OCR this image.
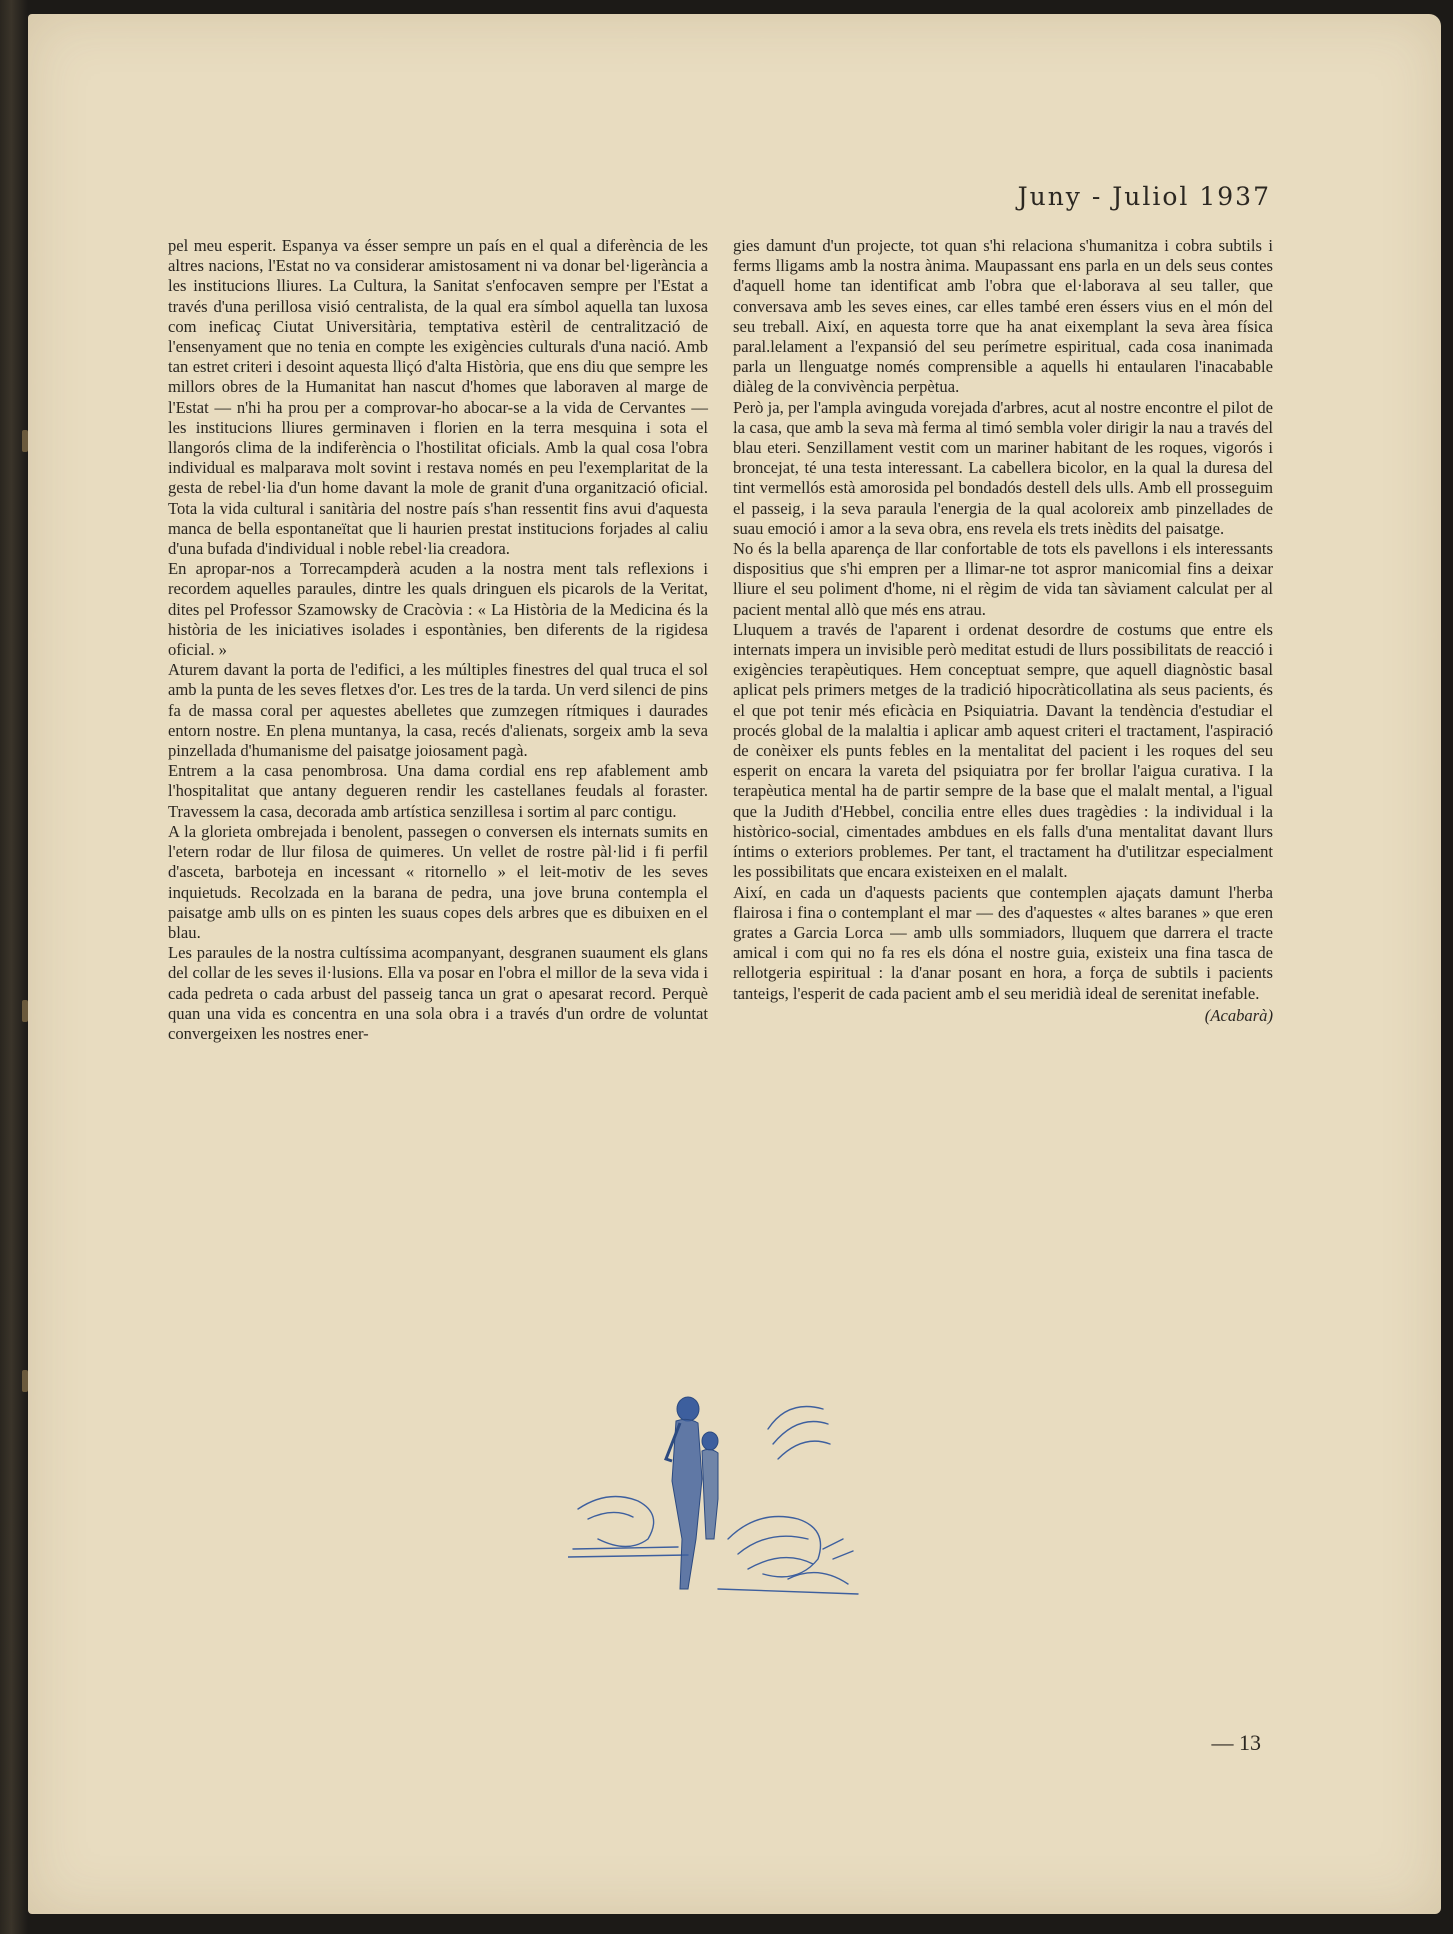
Juny - Juliol 1937

pel meu esperit. Espanya va ésser sempre un país en el qual a diferència de les altres nacions, l'Estat no va considerar amistosament ni va donar bel·ligerància a les institucions lliures. La Cultura, la Sanitat s'enfocaven sempre per l'Estat a través d'una perillosa visió centralista, de la qual era símbol aquella tan luxosa com ineficaç Ciutat Universitària, temptativa estèril de centralització de l'ensenyament que no tenia en compte les exigències culturals d'una nació. Amb tan estret criteri i desoint aquesta lliçó d'alta Història, que ens diu que sempre les millors obres de la Humanitat han nascut d'homes que laboraven al marge de l'Estat — n'hi ha prou per a comprovar-ho abocar-se a la vida de Cervantes — les institucions lliures germinaven i florien en la terra mesquina i sota el llangorós clima de la indiferència o l'hostilitat oficials. Amb la qual cosa l'obra individual es malparava molt sovint i restava només en peu l'exemplaritat de la gesta de rebel·lia d'un home davant la mole de granit d'una organització oficial. Tota la vida cultural i sanitària del nostre país s'han ressentit fins avui d'aquesta manca de bella espontaneïtat que li haurien prestat institucions forjades al caliu d'una bufada d'individual i noble rebel·lia creadora.

En apropar-nos a Torrecampderà acuden a la nostra ment tals reflexions i recordem aquelles paraules, dintre les quals dringuen els picarols de la Veritat, dites pel Professor Szamowsky de Cracòvia : « La Història de la Medicina és la història de les iniciatives isolades i espontànies, ben diferents de la rigidesa oficial. »

Aturem davant la porta de l'edifici, a les múltiples finestres del qual truca el sol amb la punta de les seves fletxes d'or. Les tres de la tarda. Un verd silenci de pins fa de massa coral per aquestes abelletes que zumzegen rítmiques i daurades entorn nostre. En plena muntanya, la casa, recés d'alienats, sorgeix amb la seva pinzellada d'humanisme del paisatge joiosament pagà.

Entrem a la casa penombrosa. Una dama cordial ens rep afablement amb l'hospitalitat que antany degueren rendir les castellanes feudals al foraster. Travessem la casa, decorada amb artística senzillesa i sortim al parc contigu.

A la glorieta ombrejada i benolent, passegen o conversen els internats sumits en l'etern rodar de llur filosa de quimeres. Un vellet de rostre pàl·lid i fi perfil d'asceta, barboteja en incessant « ritornello » el leit-motiv de les seves inquietuds. Recolzada en la barana de pedra, una jove bruna contempla el paisatge amb ulls on es pinten les suaus copes dels arbres que es dibuixen en el blau.

Les paraules de la nostra cultíssima acompanyant, desgranen suaument els glans del collar de les seves il·lusions. Ella va posar en l'obra el millor de la seva vida i cada pedreta o cada arbust del passeig tanca un grat o apesarat record. Perquè quan una vida es concentra en una sola obra i a través d'un ordre de voluntat convergeixen les nostres ener-

gies damunt d'un projecte, tot quan s'hi relaciona s'humanitza i cobra subtils i ferms lligams amb la nostra ànima. Maupassant ens parla en un dels seus contes d'aquell home tan identificat amb l'obra que el·laborava al seu taller, que conversava amb les seves eines, car elles també eren éssers vius en el món del seu treball. Així, en aquesta torre que ha anat eixemplant la seva àrea física paral.lelament a l'expansió del seu perímetre espiritual, cada cosa inanimada parla un llenguatge només comprensible a aquells hi entaularen l'inacabable diàleg de la convivència perpètua.

Però ja, per l'ampla avinguda vorejada d'arbres, acut al nostre encontre el pilot de la casa, que amb la seva mà ferma al timó sembla voler dirigir la nau a través del blau eteri. Senzillament vestit com un mariner habitant de les roques, vigorós i broncejat, té una testa interessant. La cabellera bicolor, en la qual la duresa del tint vermellós està amorosida pel bondadós destell dels ulls. Amb ell prosseguim el passeig, i la seva paraula l'energia de la qual acoloreix amb pinzellades de suau emoció i amor a la seva obra, ens revela els trets inèdits del paisatge.

No és la bella aparença de llar confortable de tots els pavellons i els interessants dispositius que s'hi empren per a llimar-ne tot aspror manicomial fins a deixar lliure el seu poliment d'home, ni el règim de vida tan sàviament calculat per al pacient mental allò que més ens atrau.

Lluquem a través de l'aparent i ordenat desordre de costums que entre els internats impera un invisible però meditat estudi de llurs possibilitats de reacció i exigències terapèutiques. Hem conceptuat sempre, que aquell diagnòstic basal aplicat pels primers metges de la tradició hipocràticollatina als seus pacients, és el que pot tenir més eficàcia en Psiquiatria. Davant la tendència d'estudiar el procés global de la malaltia i aplicar amb aquest criteri el tractament, l'aspiració de conèixer els punts febles en la mentalitat del pacient i les roques del seu esperit on encara la vareta del psiquiatra por fer brollar l'aigua curativa. I la terapèutica mental ha de partir sempre de la base que el malalt mental, a l'igual que la Judith d'Hebbel, concilia entre elles dues tragèdies : la individual i la històrico-social, cimentades ambdues en els falls d'una mentalitat davant llurs íntims o exteriors problemes. Per tant, el tractament ha d'utilitzar especialment les possibilitats que encara existeixen en el malalt.

Així, en cada un d'aquests pacients que contemplen ajaçats damunt l'herba flairosa i fina o contemplant el mar — des d'aquestes « altes baranes » que eren grates a Garcia Lorca — amb ulls sommiadors, lluquem que darrera el tracte amical i com qui no fa res els dóna el nostre guia, existeix una fina tasca de rellotgeria espiritual : la d'anar posant en hora, a força de subtils i pacients tanteigs, l'esperit de cada pacient amb el seu meridià ideal de serenitat inefable.

(Acabarà)
— 13
